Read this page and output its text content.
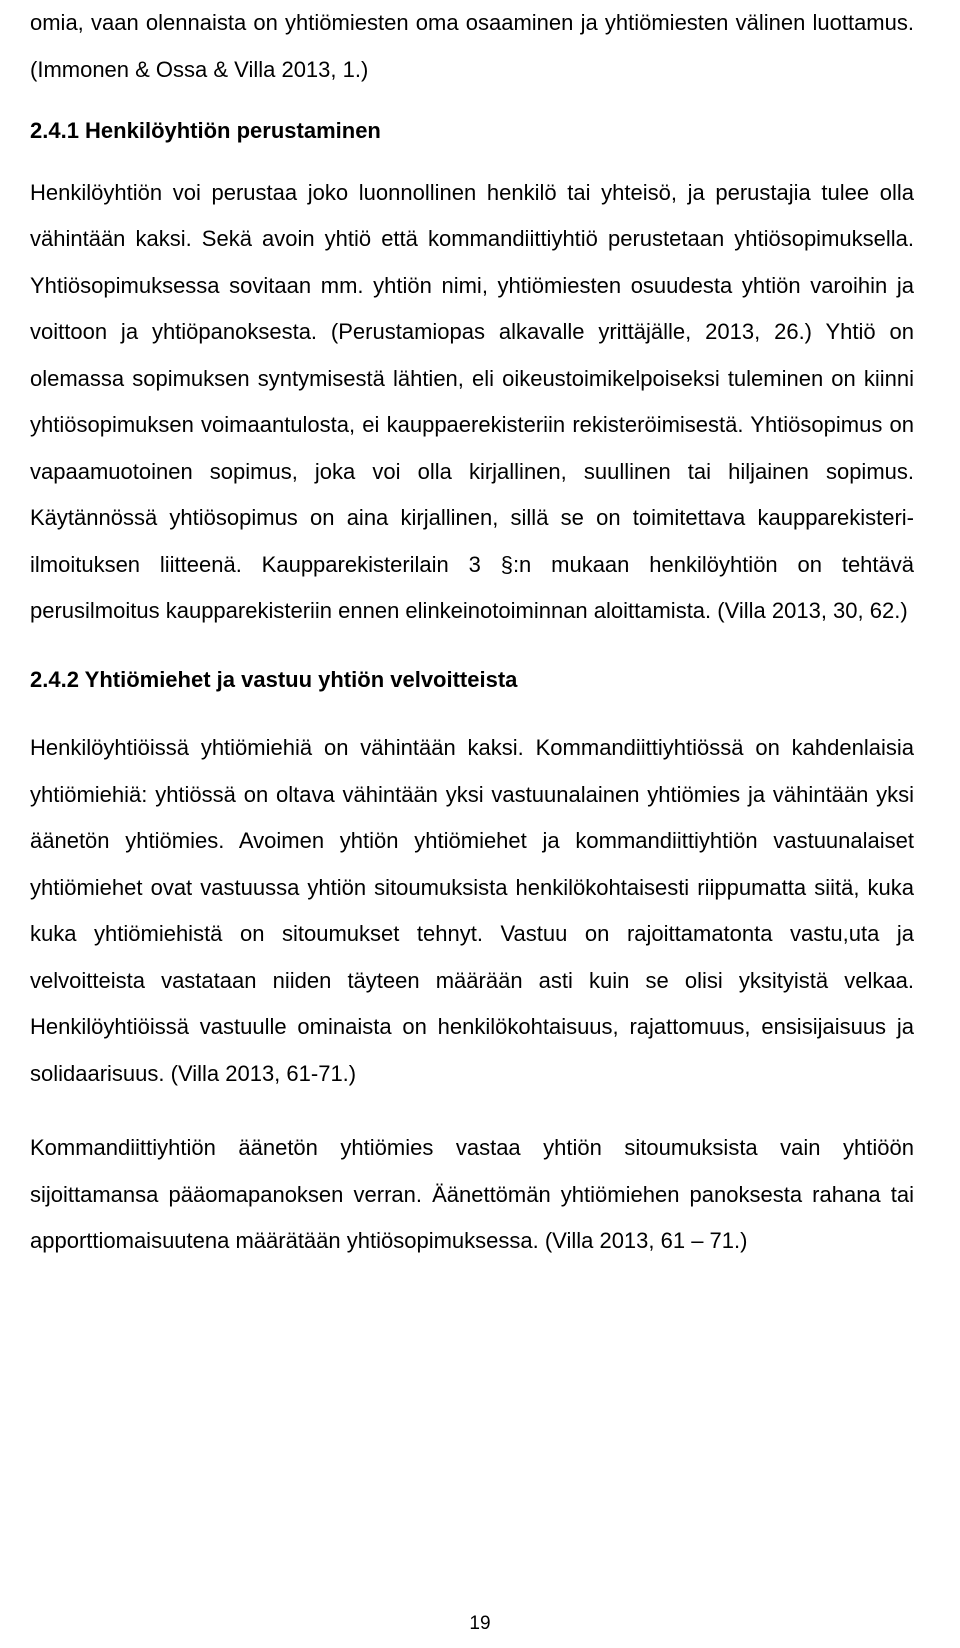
omia, vaan olennaista on yhtiömiesten oma osaaminen ja yhtiömiesten välinen luottamus. (Immonen & Ossa & Villa 2013, 1.)

2.4.1 Henkilöyhtiön perustaminen

Henkilöyhtiön voi perustaa joko luonnollinen henkilö tai yhteisö, ja perustajia tulee olla vähintään kaksi. Sekä avoin yhtiö että kommandiittiyhtiö perustetaan yhtiösopimuksella. Yhtiösopimuksessa sovitaan mm. yhtiön nimi, yhtiömiesten osuudesta yhtiön varoihin ja voittoon ja yhtiöpanoksesta. (Perustamiopas alkavalle yrittäjälle, 2013, 26.) Yhtiö on olemassa sopimuksen syntymisestä lähtien, eli oikeustoimikelpoiseksi tuleminen on kiinni yhtiösopimuksen voimaantulosta, ei kauppaerekisteriin rekisteröimisestä. Yhtiösopimus on vapaamuotoinen sopimus, joka voi olla kirjallinen, suullinen tai hiljainen sopimus. Käytännössä yhtiösopimus on aina kirjallinen, sillä se on toimitettava kaupparekisteri-ilmoituksen liitteenä. Kaupparekisterilain 3 §:n mukaan henkilöyhtiön on tehtävä perusilmoitus kaupparekisteriin ennen elinkeinotoiminnan aloittamista. (Villa 2013, 30, 62.)

2.4.2 Yhtiömiehet ja vastuu yhtiön velvoitteista

Henkilöyhtiöissä yhtiömiehiä on vähintään kaksi. Kommandiittiyhtiössä on kahdenlaisia yhtiömiehiä: yhtiössä on oltava vähintään yksi vastuunalainen yhtiömies ja vähintään yksi äänetön yhtiömies. Avoimen yhtiön yhtiömiehet ja kommandiittiyhtiön vastuunalaiset yhtiömiehet ovat vastuussa yhtiön sitoumuksista henkilökohtaisesti riippumatta siitä, kuka kuka yhtiömiehistä on sitoumukset tehnyt. Vastuu on rajoittamatonta vastu,uta ja velvoitteista vastataan niiden täyteen määrään asti kuin se olisi yksityistä velkaa. Henkilöyhtiöissä vastuulle ominaista on henkilökohtaisuus, rajattomuus, ensisijaisuus ja solidaarisuus. (Villa 2013, 61-71.)

Kommandiittiyhtiön äänetön yhtiömies vastaa yhtiön sitoumuksista vain yhtiöön sijoittamansa pääomapanoksen verran. Äänettömän yhtiömiehen panoksesta rahana tai apporttiomaisuutena määrätään yhtiösopimuksessa. (Villa 2013, 61 – 71.)

19
